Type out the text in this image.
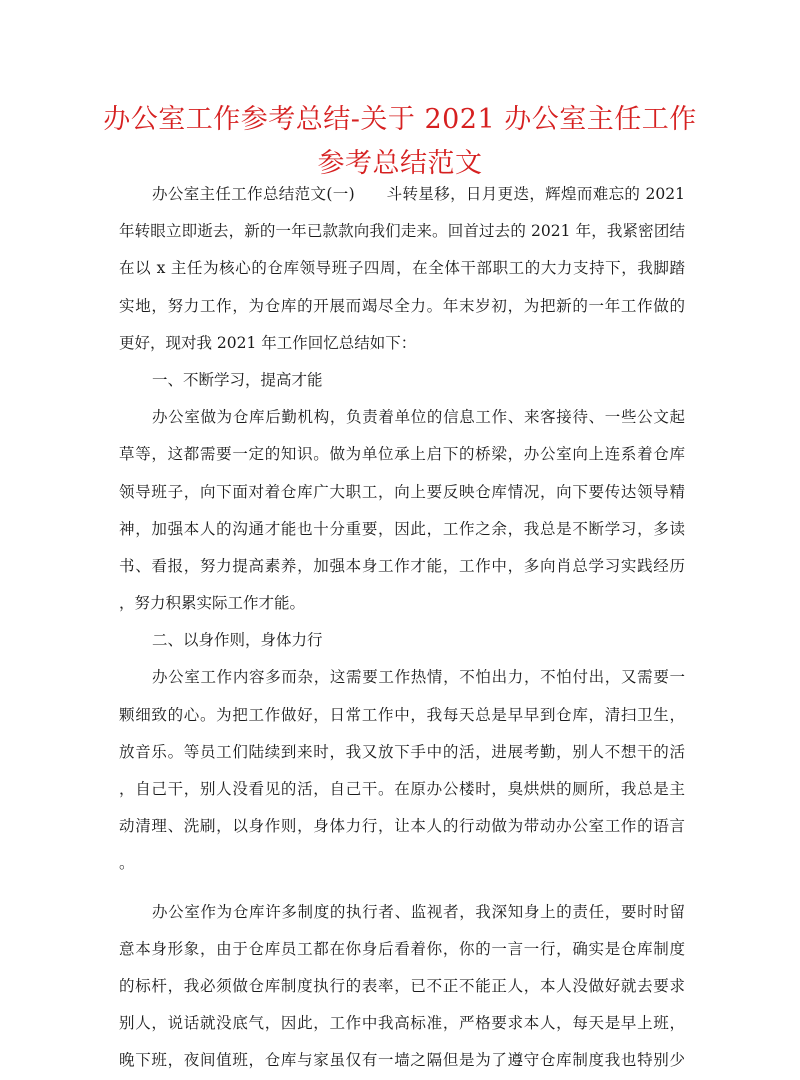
办公室工作参考总结-关于 2021 办公室主任工作
参考总结范文
办公室主任工作总结范文(一)　　斗转星移，日月更迭，辉煌而难忘的 2021
年转眼立即逝去，新的一年已款款向我们走来。回首过去的 2021 年，我紧密团结
在以 x 主任为核心的仓库领导班子四周，在全体干部职工的大力支持下，我脚踏
实地，努力工作，为仓库的开展而竭尽全力。年末岁初，为把新的一年工作做的
更好，现对我 2021 年工作回忆总结如下：
一、不断学习，提高才能
办公室做为仓库后勤机构，负责着单位的信息工作、来客接待、一些公文起
草等，这都需要一定的知识。做为单位承上启下的桥梁，办公室向上连系着仓库
领导班子，向下面对着仓库广大职工，向上要反映仓库情况，向下要传达领导精
神，加强本人的沟通才能也十分重要，因此，工作之余，我总是不断学习，多读
书、看报，努力提高素养，加强本身工作才能，工作中，多向肖总学习实践经历
，努力积累实际工作才能。
二、以身作则，身体力行
办公室工作内容多而杂，这需要工作热情，不怕出力，不怕付出，又需要一
颗细致的心。为把工作做好，日常工作中，我每天总是早早到仓库，清扫卫生，
放音乐。等员工们陆续到来时，我又放下手中的活，进展考勤，别人不想干的活
，自己干，别人没看见的活，自己干。在原办公楼时，臭烘烘的厕所，我总是主
动清理、洗刷，以身作则，身体力行，让本人的行动做为带动办公室工作的语言
。
办公室作为仓库许多制度的执行者、监视者，我深知身上的责任，要时时留
意本身形象，由于仓库员工都在你身后看着你，你的一言一行，确实是仓库制度
的标杆，我必须做仓库制度执行的表率，已不正不能正人，本人没做好就去要求
别人，说话就没底气，因此，工作中我高标准，严格要求本人，每天是早上班，
晚下班，夜间值班，仓库与家虽仅有一墙之隔但是为了遵守仓库制度我也特别少
